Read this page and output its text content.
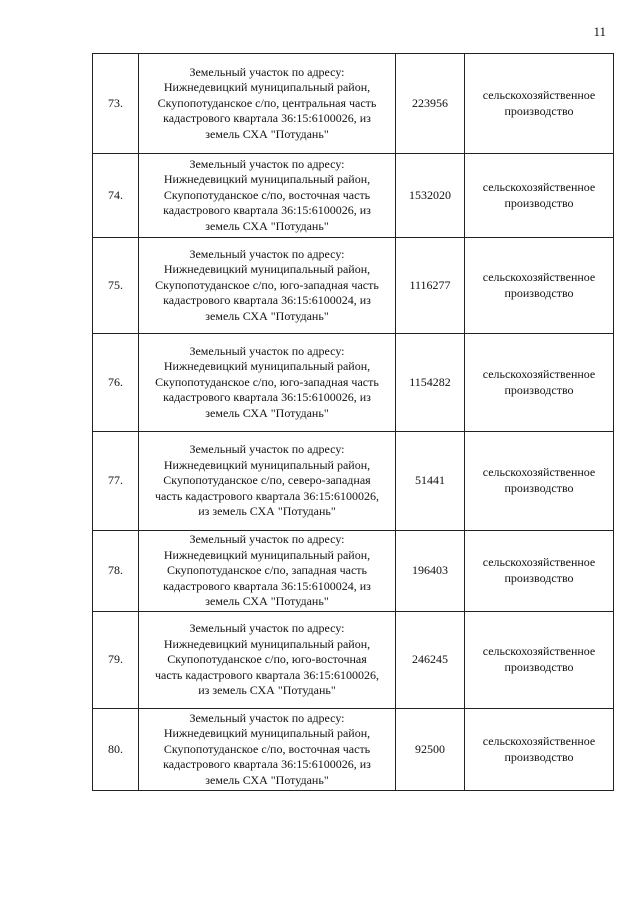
11
73.	Земельный участок по адресу:
Нижнедевицкий муниципальный район,
Скупопотуданское с/по, центральная часть
кадастрового квартала 36:15:6100026, из
земель СХА "Потудань"	223956	сельскохозяйственное
производство

74.	Земельный участок по адресу:
Нижнедевицкий муниципальный район,
Скупопотуданское с/по, восточная часть
кадастрового квартала 36:15:6100026, из
земель СХА "Потудань"	1532020	сельскохозяйственное
производство

75.	Земельный участок по адресу:
Нижнедевицкий муниципальный район,
Скупопотуданское с/по, юго-западная часть
кадастрового квартала 36:15:6100024, из
земель СХА "Потудань"	1116277	сельскохозяйственное
производство

76.	Земельный участок по адресу:
Нижнедевицкий муниципальный район,
Скупопотуданское с/по, юго-западная часть
кадастрового квартала 36:15:6100026, из
земель СХА "Потудань"	1154282	сельскохозяйственное
производство

77.	Земельный участок по адресу:
Нижнедевицкий муниципальный район,
Скупопотуданское с/по, северо-западная
часть кадастрового квартала 36:15:6100026,
из земель СХА "Потудань"	51441	сельскохозяйственное
производство

78.	Земельный участок по адресу:
Нижнедевицкий муниципальный район,
Скупопотуданское с/по, западная часть
кадастрового квартала 36:15:6100024, из
земель СХА "Потудань"	196403	сельскохозяйственное
производство

79.	Земельный участок по адресу:
Нижнедевицкий муниципальный район,
Скупопотуданское с/по, юго-восточная
часть кадастрового квартала 36:15:6100026,
из земель СХА "Потудань"	246245	сельскохозяйственное
производство

80.	Земельный участок по адресу:
Нижнедевицкий муниципальный район,
Скупопотуданское с/по, восточная часть
кадастрового квартала 36:15:6100026, из
земель СХА "Потудань"	92500	сельскохозяйственное
производство
